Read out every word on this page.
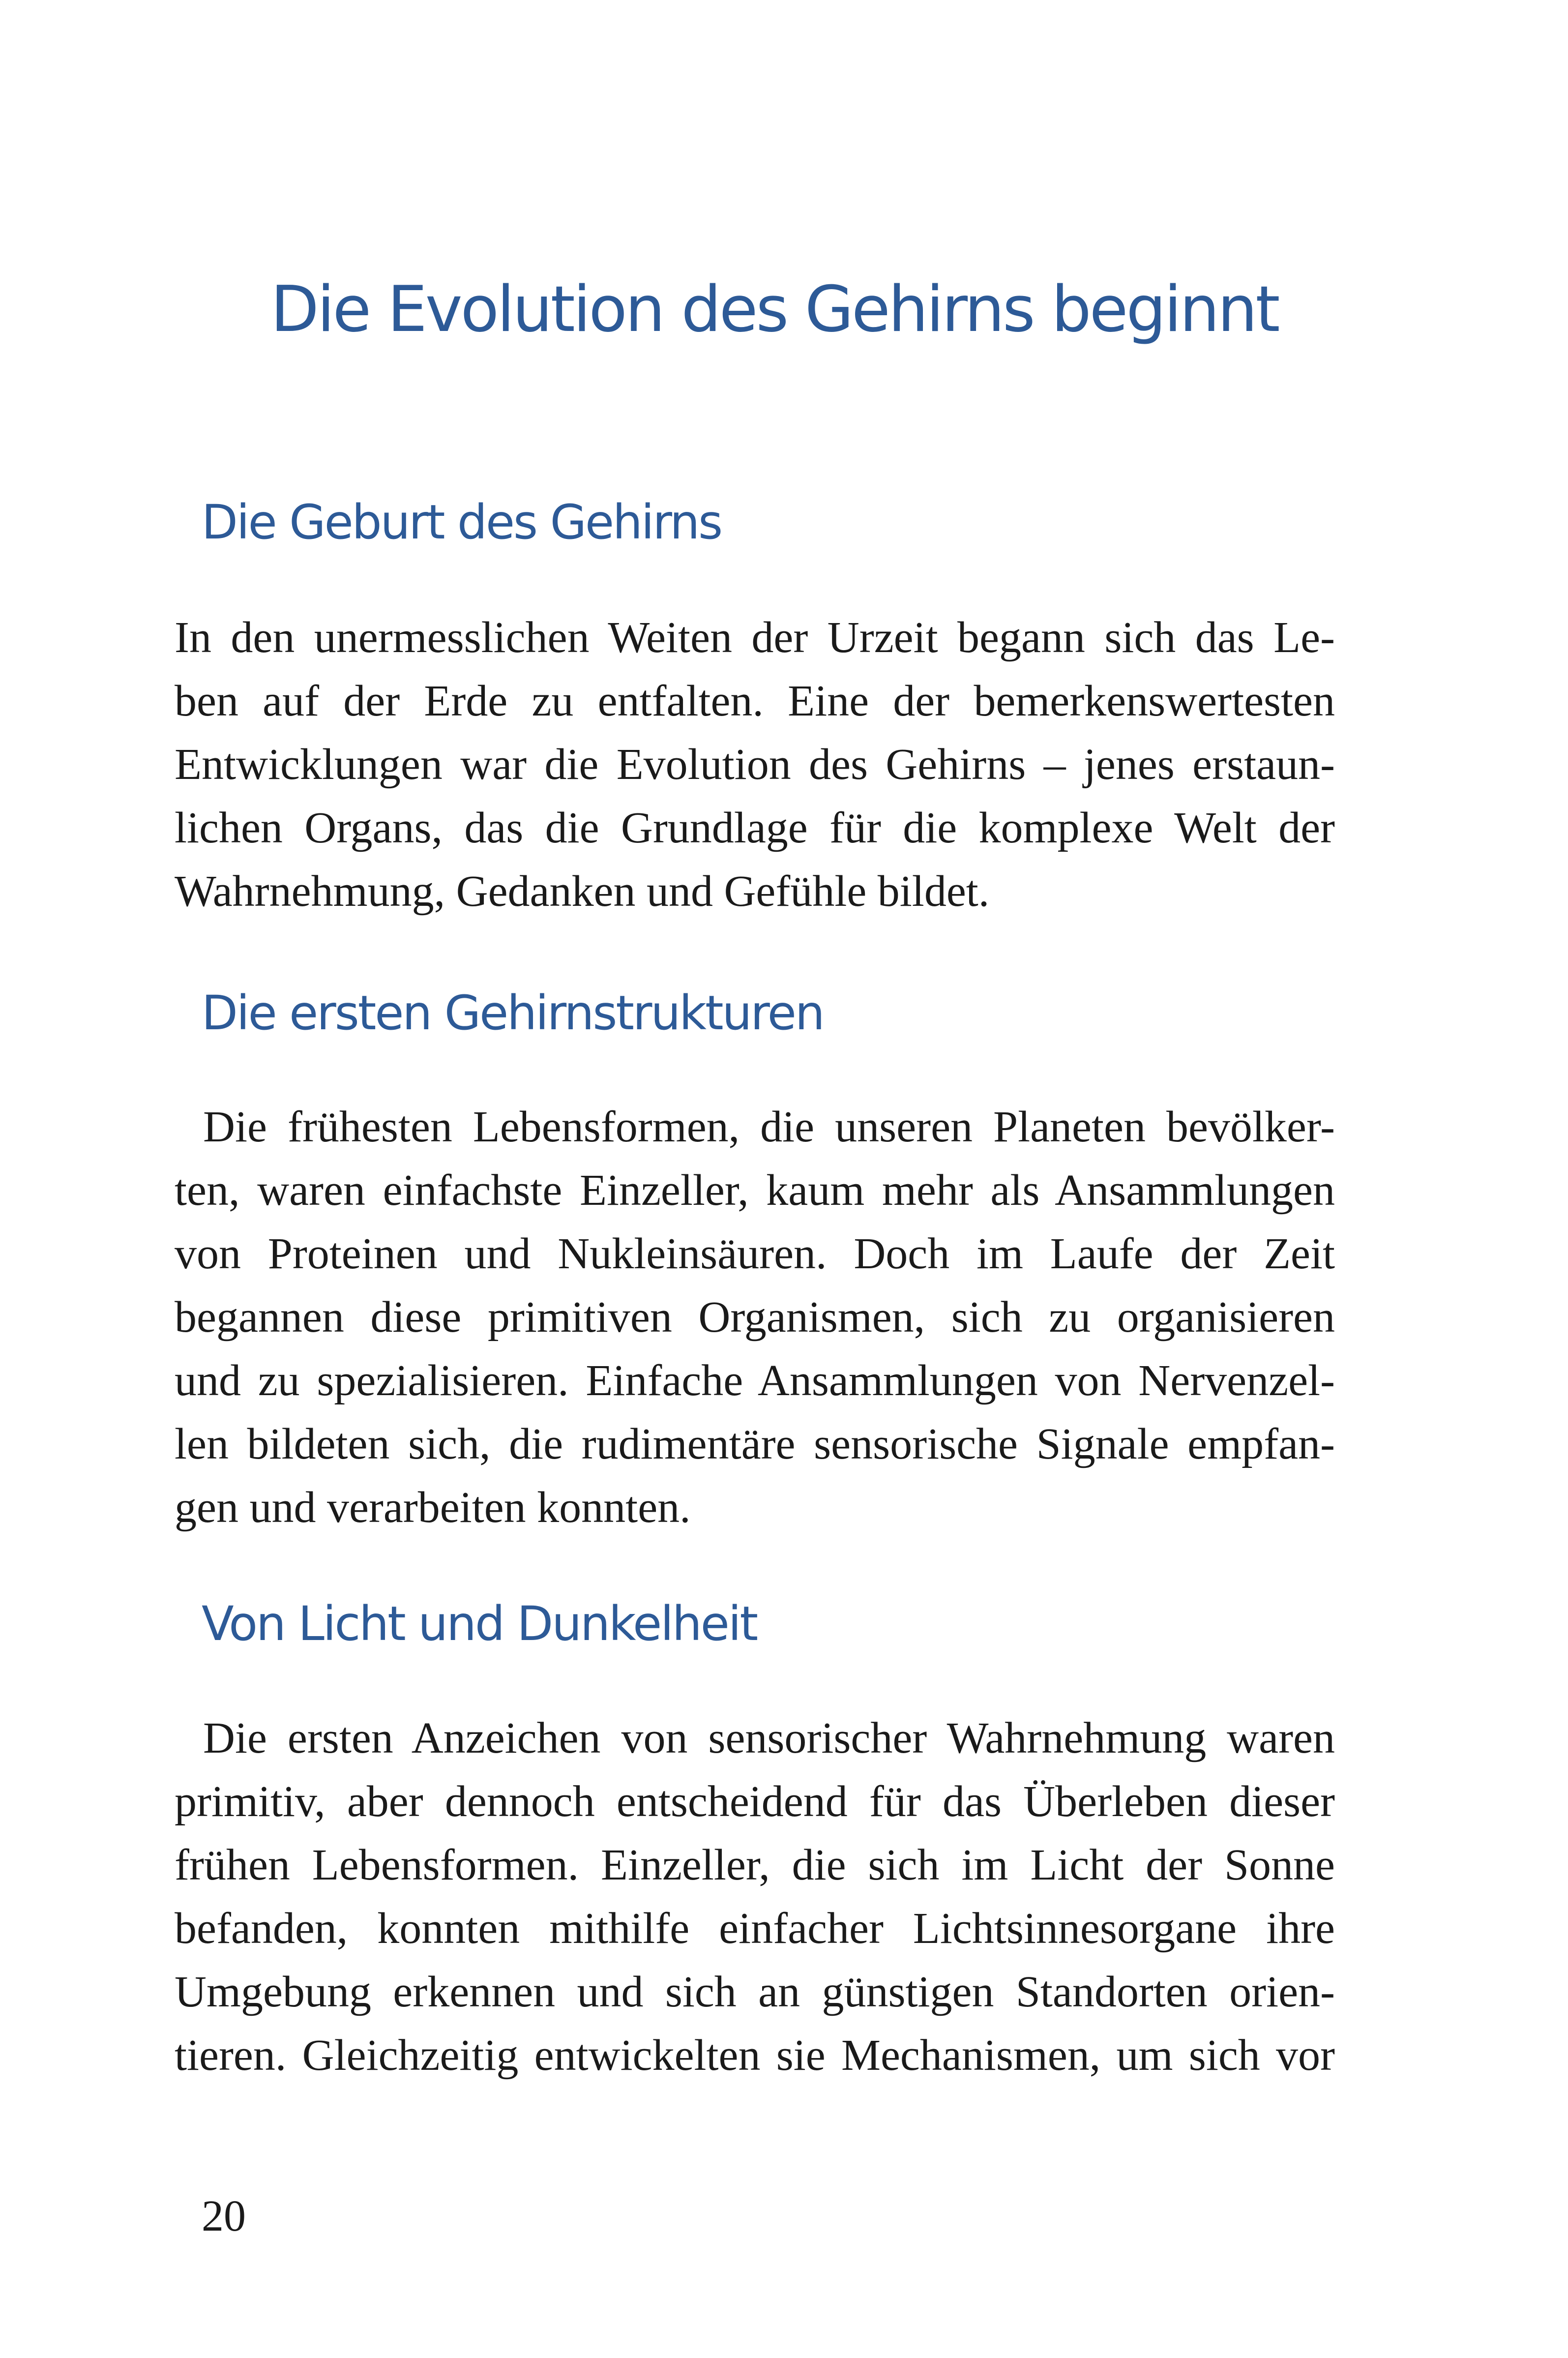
Die Evolution des Gehirns beginnt
Die Geburt des Gehirns
In den unermesslichen Weiten der Urzeit begann sich das Le-
ben auf der Erde zu entfalten. Eine der bemerkenswertesten
Entwicklungen war die Evolution des Gehirns – jenes erstaun-
lichen Organs, das die Grundlage für die komplexe Welt der
Wahrnehmung, Gedanken und Gefühle bildet.
Die ersten Gehirnstrukturen
Die frühesten Lebensformen, die unseren Planeten bevölker-
ten, waren einfachste Einzeller, kaum mehr als Ansammlungen
von Proteinen und Nukleinsäuren. Doch im Laufe der Zeit
begannen diese primitiven Organismen, sich zu organisieren
und zu spezialisieren. Einfache Ansammlungen von Nervenzel-
len bildeten sich, die rudimentäre sensorische Signale empfan-
gen und verarbeiten konnten.
Von Licht und Dunkelheit
Die ersten Anzeichen von sensorischer Wahrnehmung waren
primitiv, aber dennoch entscheidend für das Überleben dieser
frühen Lebensformen. Einzeller, die sich im Licht der Sonne
befanden, konnten mithilfe einfacher Lichtsinnesorgane ihre
Umgebung erkennen und sich an günstigen Standorten orien-
tieren. Gleichzeitig entwickelten sie Mechanismen, um sich vor
20
